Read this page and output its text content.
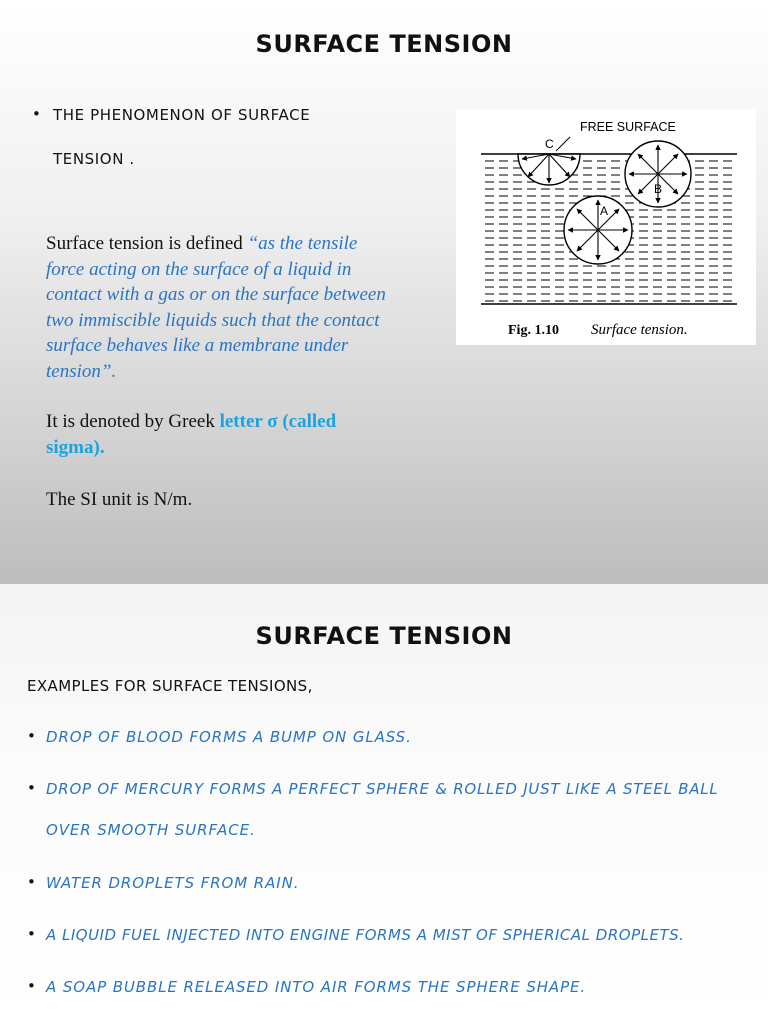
SURFACE TENSION
• THE PHENOMENON OF SURFACE
TENSION .
Surface tension is defined “as the tensile
force acting on the surface of a liquid in
contact with a gas or on the surface between
two immiscible liquids such that the contact
surface behaves like a membrane under
tension”.
It is denoted by Greek letter σ (called
sigma).
The SI unit is N/m.
FREE SURFACE
C
B
A
Fig. 1.10 Surface tension.
SURFACE TENSION
EXAMPLES FOR SURFACE TENSIONS,
• DROP OF BLOOD FORMS A BUMP ON GLASS.
• DROP OF MERCURY FORMS A PERFECT SPHERE & ROLLED JUST LIKE A STEEL BALL
OVER SMOOTH SURFACE.
• WATER DROPLETS FROM RAIN.
• A LIQUID FUEL INJECTED INTO ENGINE FORMS A MIST OF SPHERICAL DROPLETS.
• A SOAP BUBBLE RELEASED INTO AIR FORMS THE SPHERE SHAPE.
